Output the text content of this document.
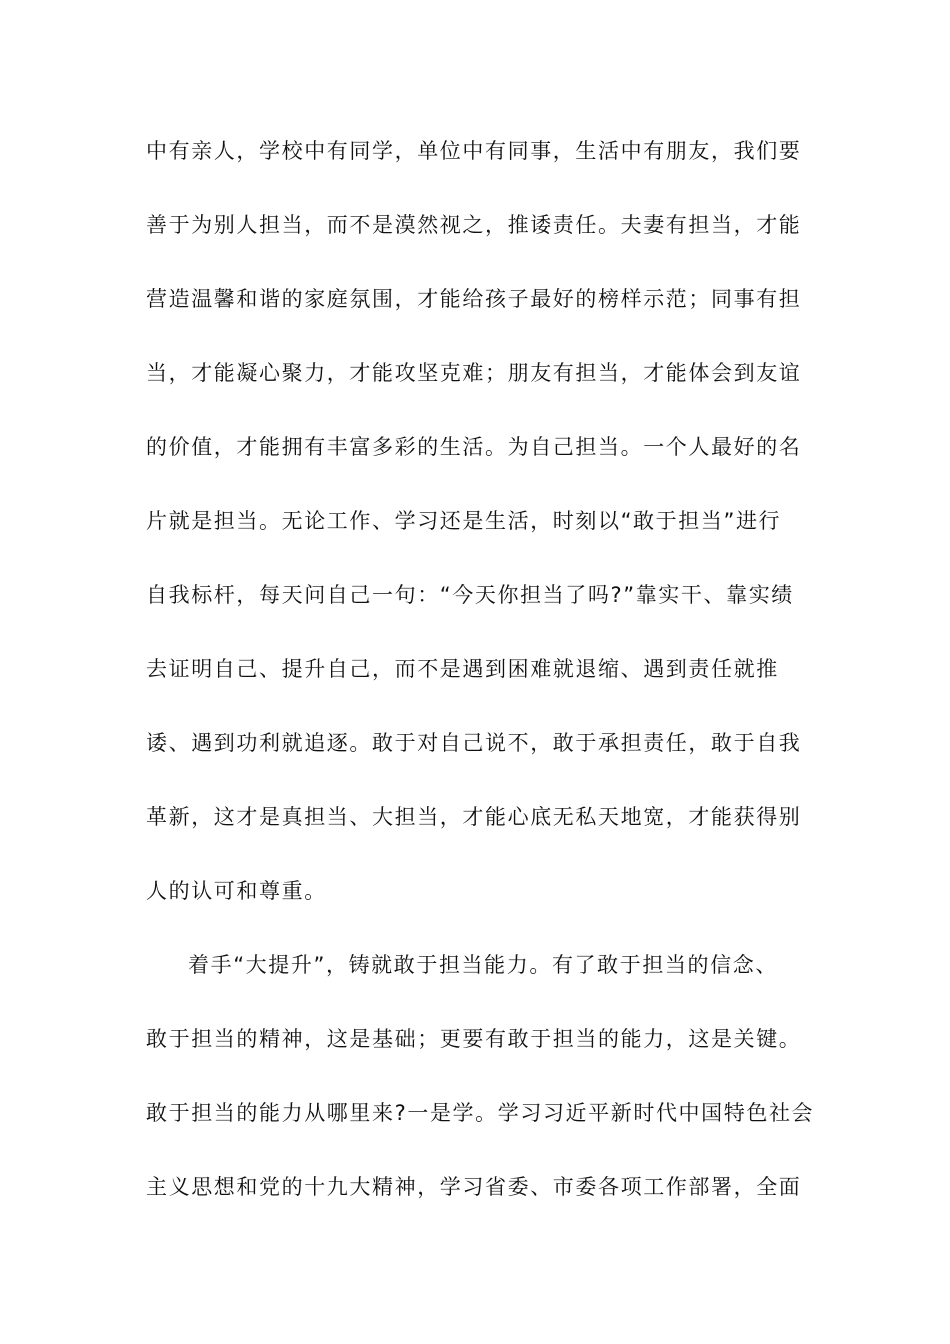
中有亲人，学校中有同学，单位中有同事，生活中有朋友，我们要
善于为别人担当，而不是漠然视之，推诿责任。夫妻有担当，才能
营造温馨和谐的家庭氛围，才能给孩子最好的榜样示范；同事有担
当，才能凝心聚力，才能攻坚克难；朋友有担当，才能体会到友谊
的价值，才能拥有丰富多彩的生活。为自己担当。一个人最好的名
片就是担当。无论工作、学习还是生活，时刻以“敢于担当”进行
自我标杆，每天问自己一句：“今天你担当了吗?”靠实干、靠实绩
去证明自己、提升自己，而不是遇到困难就退缩、遇到责任就推
诿、遇到功利就追逐。敢于对自己说不，敢于承担责任，敢于自我
革新，这才是真担当、大担当，才能心底无私天地宽，才能获得别
人的认可和尊重。
着手“大提升”，铸就敢于担当能力。有了敢于担当的信念、
敢于担当的精神，这是基础；更要有敢于担当的能力，这是关键。
敢于担当的能力从哪里来?一是学。学习习近平新时代中国特色社会
主义思想和党的十九大精神，学习省委、市委各项工作部署，全面
